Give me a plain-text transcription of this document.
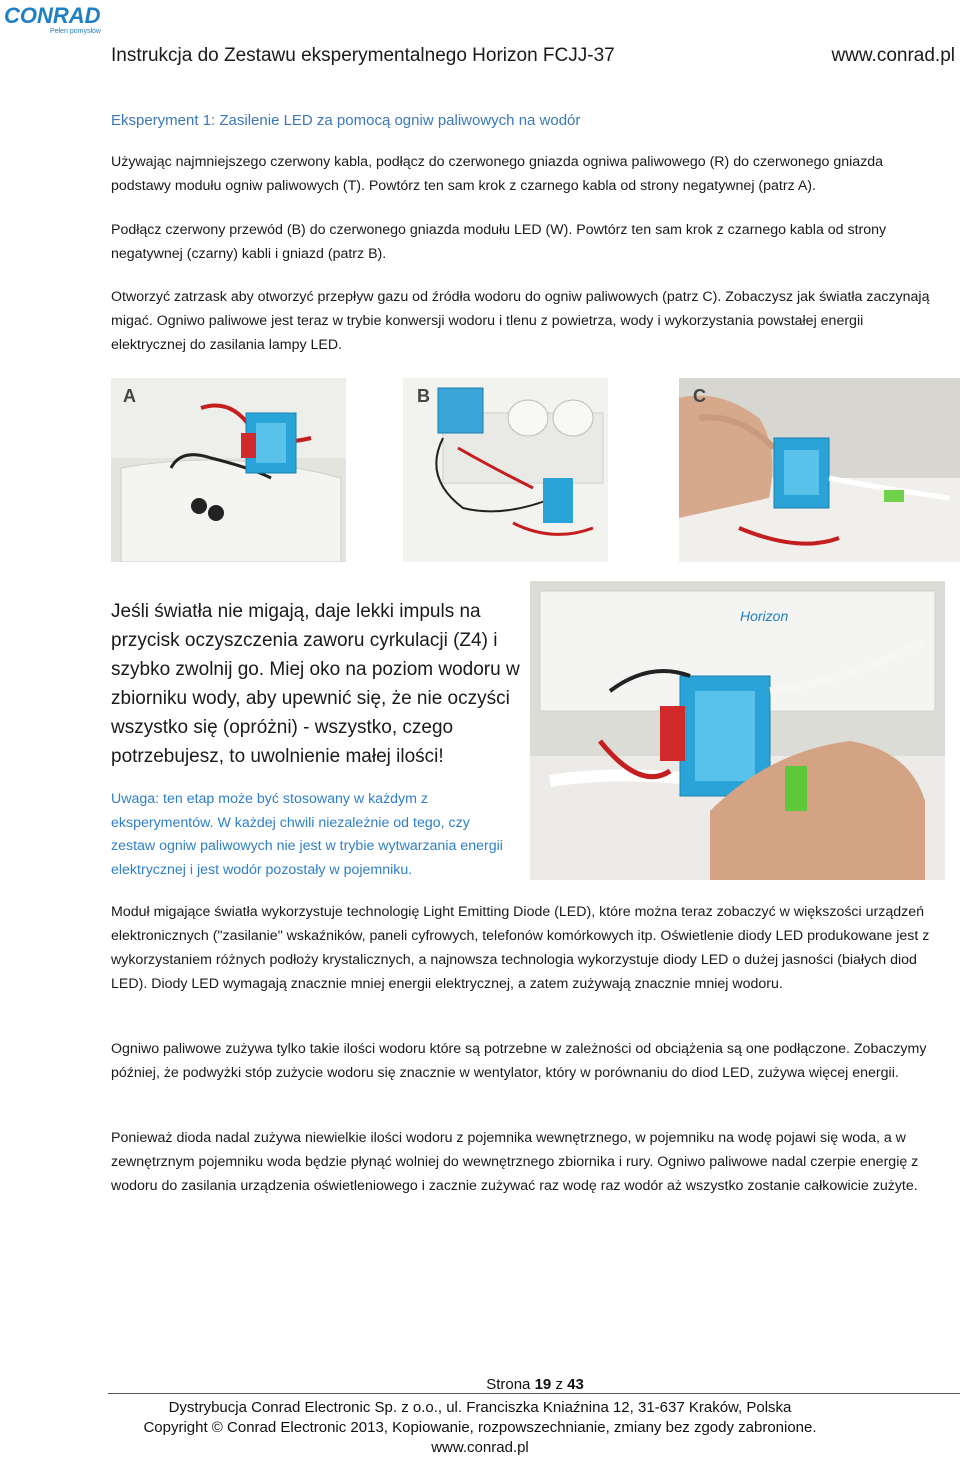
CONRAD
Pełen pomysłów
Instrukcja do Zestawu eksperymentalnego Horizon FCJJ-37	www.conrad.pl
Eksperyment 1: Zasilenie LED za pomocą ogniw paliwowych na wodór
Używając najmniejszego czerwony kabla, podłącz do czerwonego gniazda ogniwa paliwowego (R) do czerwonego gniazda podstawy modułu ogniw paliwowych (T). Powtórz ten sam krok z czarnego kabla od strony negatywnej (patrz A).
Podłącz czerwony przewód (B) do czerwonego gniazda modułu LED (W). Powtórz ten sam krok z czarnego kabla od strony negatywnej (czarny) kabli i gniazd (patrz B).
Otworzyć zatrzask aby otworzyć przepływ gazu od źródła wodoru do ogniw paliwowych (patrz C). Zobaczysz jak światła zaczynają migać. Ogniwo paliwowe jest teraz w trybie konwersji wodoru i tlenu z powietrza, wody i wykorzystania powstałej energii elektrycznej do zasilania lampy LED.
A	B	C
Jeśli światła nie migają, daje lekki impuls na przycisk oczyszczenia zaworu cyrkulacji (Z4) i szybko zwolnij go. Miej oko na poziom wodoru w zbiorniku wody, aby upewnić się, że nie oczyści wszystko się (opróżni) - wszystko, czego potrzebujesz, to uwolnienie małej ilości!
Uwaga: ten etap może być stosowany w każdym z eksperymentów. W każdej chwili niezależnie od tego, czy zestaw ogniw paliwowych nie jest w trybie wytwarzania energii elektrycznej i jest wodór pozostały w pojemniku.
Horizon
Moduł migające światła wykorzystuje technologię Light Emitting Diode (LED), które można teraz zobaczyć w większości urządzeń elektronicznych ("zasilanie" wskaźników, paneli cyfrowych, telefonów komórkowych itp. Oświetlenie diody LED produkowane jest z wykorzystaniem różnych podłoży krystalicznych, a najnowsza technologia wykorzystuje diody LED o dużej jasności (białych diod LED). Diody LED wymagają znacznie mniej energii elektrycznej, a zatem zużywają znacznie mniej wodoru.
Ogniwo paliwowe zużywa tylko takie ilości wodoru które są potrzebne w zależności od obciążenia są one podłączone. Zobaczymy później, że podwyżki stóp zużycie wodoru się znacznie w wentylator, który w porównaniu do diod LED, zużywa więcej energii.
Ponieważ dioda nadal zużywa niewielkie ilości wodoru z pojemnika wewnętrznego, w pojemniku na wodę pojawi się woda, a w zewnętrznym pojemniku woda będzie płynąć wolniej do wewnętrznego zbiornika i rury. Ogniwo paliwowe nadal czerpie energię z wodoru do zasilania urządzenia oświetleniowego i zacznie zużywać raz wodę raz wodór aż wszystko zostanie całkowicie zużyte.
Strona 19 z 43
Dystrybucja Conrad Electronic Sp. z o.o., ul. Franciszka Kniaźnina 12, 31-637 Kraków, Polska
Copyright © Conrad Electronic 2013, Kopiowanie, rozpowszechnianie, zmiany bez zgody zabronione.
www.conrad.pl
